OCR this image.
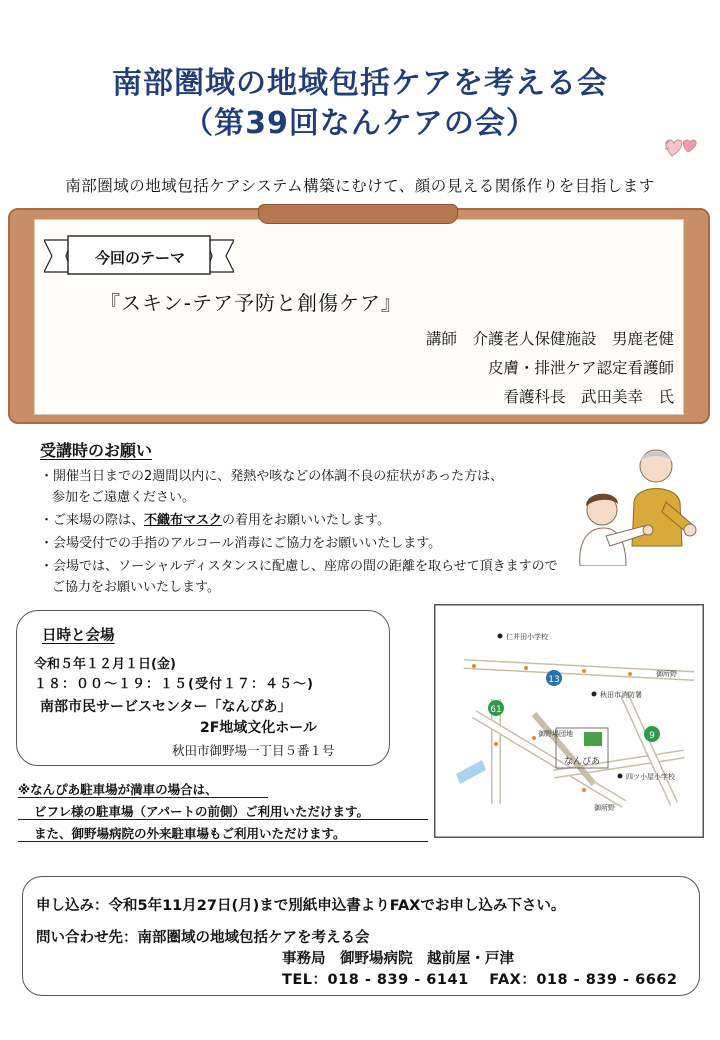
南部圏域の地域包括ケアを考える会
（第39回なんケアの会）
南部圏域の地域包括ケアシステム構築にむけて、顔の見える関係作りを目指します
今回のテーマ
『スキン-テア予防と創傷ケア』
講師　介護老人保健施設　男鹿老健
皮膚・排泄ケア認定看護師
看護科長　武田美幸　氏
受講時のお願い
・開催当日までの2週間以内に、発熱や咳などの体調不良の症状があった方は、
参加をご遠慮ください。
・ご来場の際は、不織布マスクの着用をお願いいたします。
・会場受付での手指のアルコール消毒にご協力をお願いいたします。
・会場では、ソーシャルディスタンスに配慮し、座席の間の距離を取らせて頂きますので
ご協力をお願いいたします。
日時と会場
令和５年１２月１日(金)
１８：００～１９：１５(受付１７：４５～)
南部市民サービスセンター「なんぴあ」
2F地域文化ホール
秋田市御野場一丁目５番１号
※なんぴあ駐車場が満車の場合は、
ビフレ様の駐車場（アパートの前側）ご利用いただけます。
また、御野場病院の外来駐車場もご利用いただけます。
13
61
9
仁井田小学校
秋田市消防署
御所野
御野場団地
なんぴあ
四ツ小屋小学校
御所野
申し込み：令和5年11月27日(月)まで別紙申込書よりFAXでお申し込み下さい。
問い合わせ先：南部圏域の地域包括ケアを考える会
事務局　御野場病院　越前屋・戸津
TEL：018 - 839 - 6141　 FAX：018 - 839 - 6662
